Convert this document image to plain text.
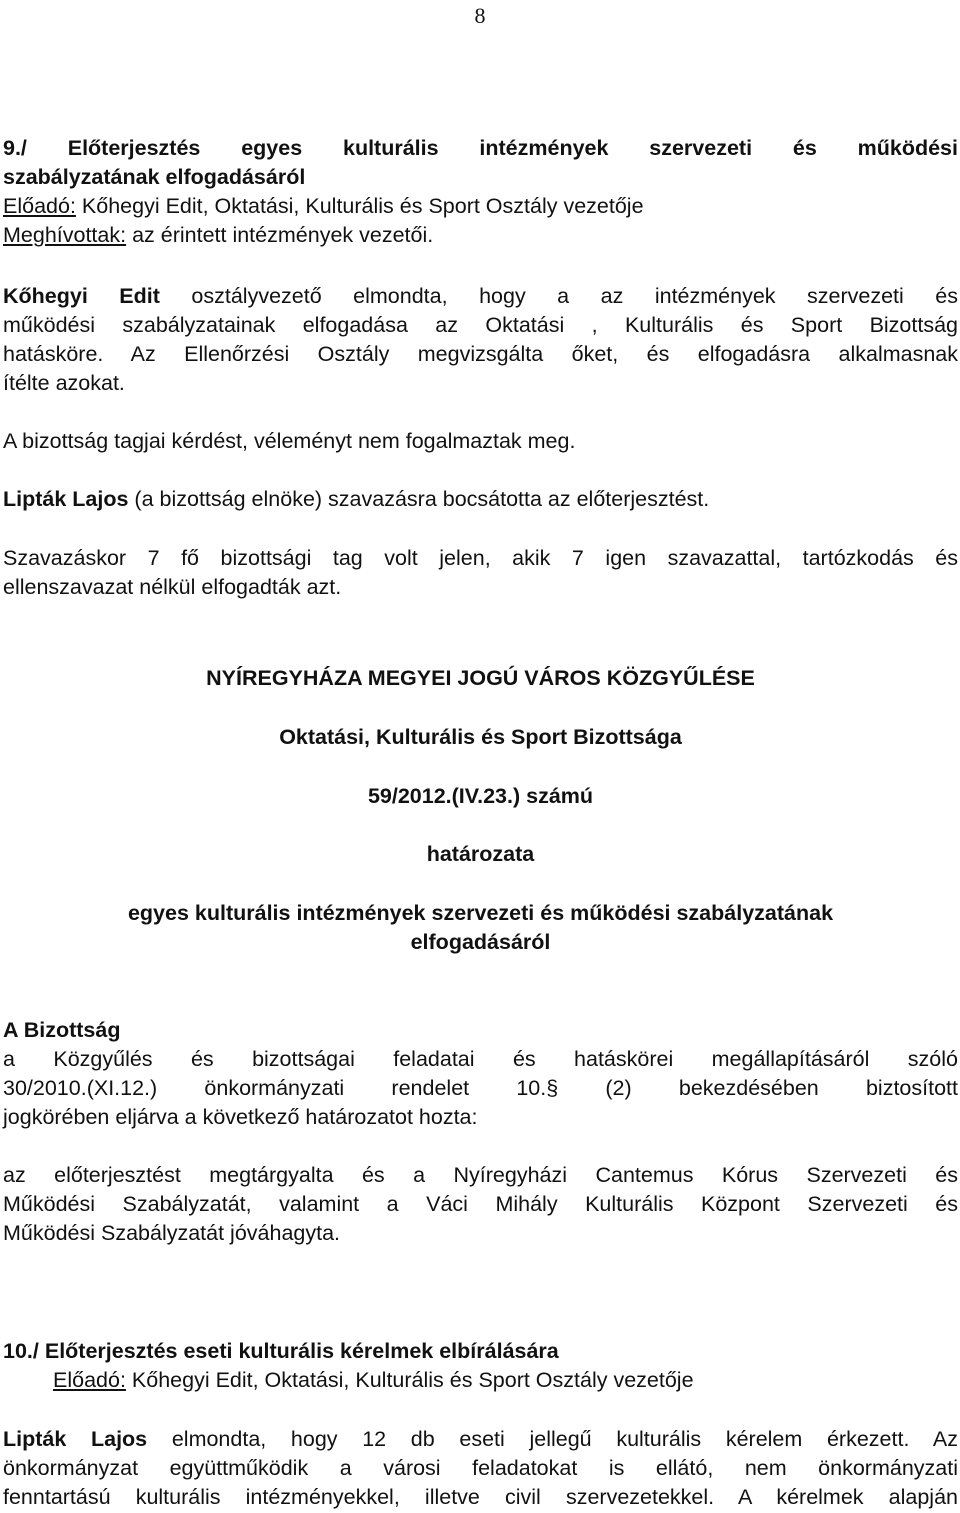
8

9./ Előterjesztés egyes kulturális intézmények szervezeti és működési

szabályzatának elfogadásáról

Előadó: Kőhegyi Edit, Oktatási, Kulturális és Sport Osztály vezetője

Meghívottak: az érintett intézmények vezetői.

Kőhegyi Edit osztályvezető elmondta, hogy a az intézmények szervezeti és

működési szabályzatainak elfogadása az Oktatási , Kulturális és Sport Bizottság

hatásköre. Az Ellenőrzési Osztály megvizsgálta őket, és elfogadásra alkalmasnak

ítélte azokat.

A bizottság tagjai kérdést, véleményt nem fogalmaztak meg.

Lipták Lajos (a bizottság elnöke) szavazásra bocsátotta az előterjesztést.

Szavazáskor 7 fő bizottsági tag volt jelen, akik 7 igen szavazattal, tartózkodás és

ellenszavazat nélkül elfogadták azt.

NYÍREGYHÁZA MEGYEI JOGÚ VÁROS KÖZGYŰLÉSE
Oktatási, Kulturális és Sport Bizottsága
59/2012.(IV.23.) számú
határozata

egyes kulturális intézmények szervezeti és működési szabályzatának

elfogadásáról

A Bizottság

a Közgyűlés és bizottságai feladatai és hatáskörei megállapításáról szóló

30/2010.(XI.12.) önkormányzati rendelet 10.§ (2) bekezdésében biztosított

jogkörében eljárva a következő határozatot hozta:

az előterjesztést megtárgyalta és a Nyíregyházi Cantemus Kórus Szervezeti és

Működési Szabályzatát, valamint a Váci Mihály Kulturális Központ Szervezeti és

Működési Szabályzatát jóváhagyta.

10./ Előterjesztés eseti kulturális kérelmek elbírálására

Előadó: Kőhegyi Edit, Oktatási, Kulturális és Sport Osztály vezetője

Lipták Lajos elmondta, hogy 12 db eseti jellegű kulturális kérelem érkezett. Az

önkormányzat együttműködik a városi feladatokat is ellátó, nem önkormányzati

fenntartású kulturális intézményekkel, illetve civil szervezetekkel. A kérelmek alapján
